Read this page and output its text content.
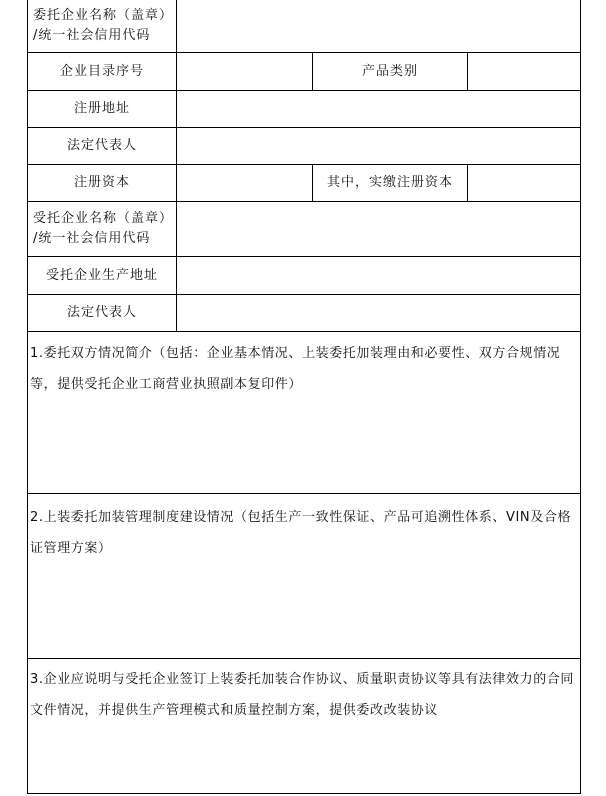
委托企业名称（盖章）
/统一社会信用代码
企业目录序号	产品类别
注册地址
法定代表人
注册资本	其中，实缴注册资本
受托企业名称（盖章）
/统一社会信用代码
受托企业生产地址
法定代表人
1.委托双方情况简介（包括：企业基本情况、上装委托加装理由和必要性、双方合规情况等，提供受托企业工商营业执照副本复印件）
2.上装委托加装管理制度建设情况（包括生产一致性保证、产品可追溯性体系、VIN及合格证管理方案）
3.企业应说明与受托企业签订上装委托加装合作协议、质量职责协议等具有法律效力的合同文件情况，并提供生产管理模式和质量控制方案，提供委改改装协议
